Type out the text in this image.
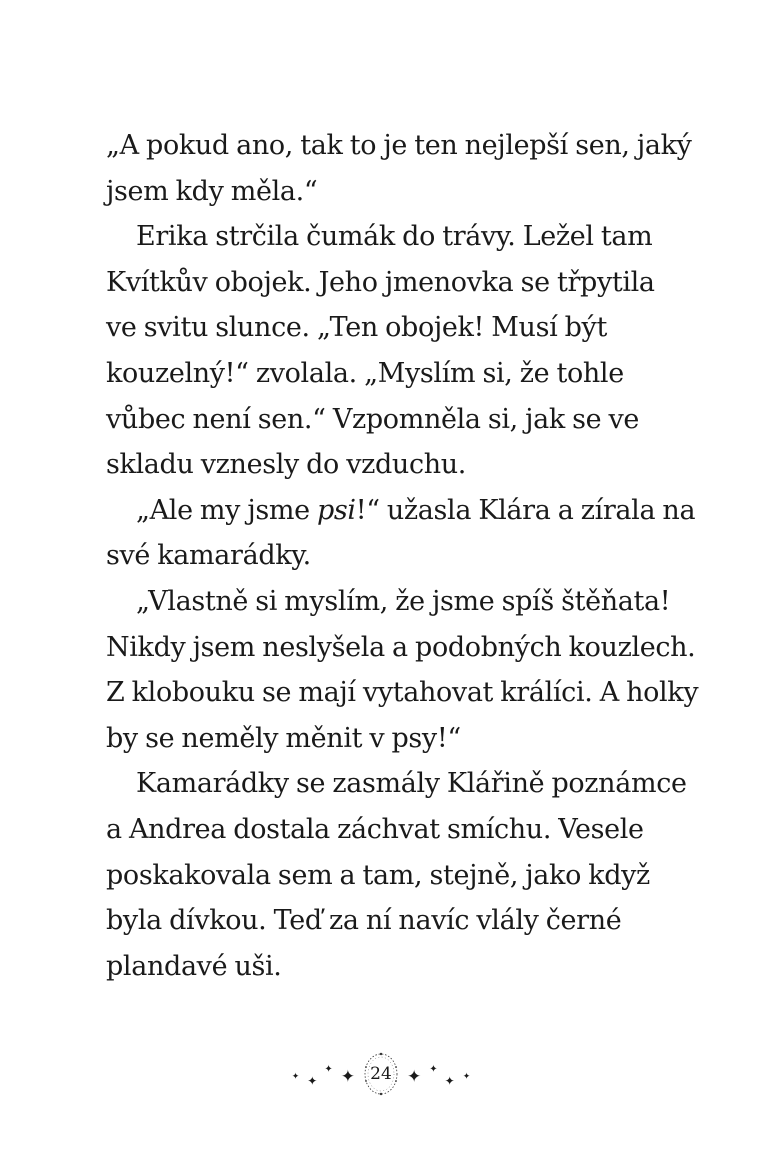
„A pokud ano, tak to je ten nejlepší sen, jaký
jsem kdy měla.“
Erika strčila čumák do trávy. Ležel tam
Kvítkův obojek. Jeho jmenovka se třpytila
ve svitu slunce. „Ten obojek! Musí být
kouzelný!“ zvolala. „Myslím si, že tohle
vůbec není sen.“ Vzpomněla si, jak se ve
skladu vznesly do vzduchu.
„Ale my jsme psi!“ užasla Klára a zírala na
své kamarádky.
„Vlastně si myslím, že jsme spíš štěňata!
Nikdy jsem neslyšela a podobných kouzlech.
Z klobouku se mají vytahovat králíci. A holky
by se neměly měnit v psy!“
Kamarádky se zasmály Klářině poznámce
a Andrea dostala záchvat smíchu. Vesele
poskakovala sem a tam, stejně, jako když
byla dívkou. Teď za ní navíc vlály černé
plandavé uši.
✦ ✦
✦ ✦ 24 ✦ ✦
✦ ✦
